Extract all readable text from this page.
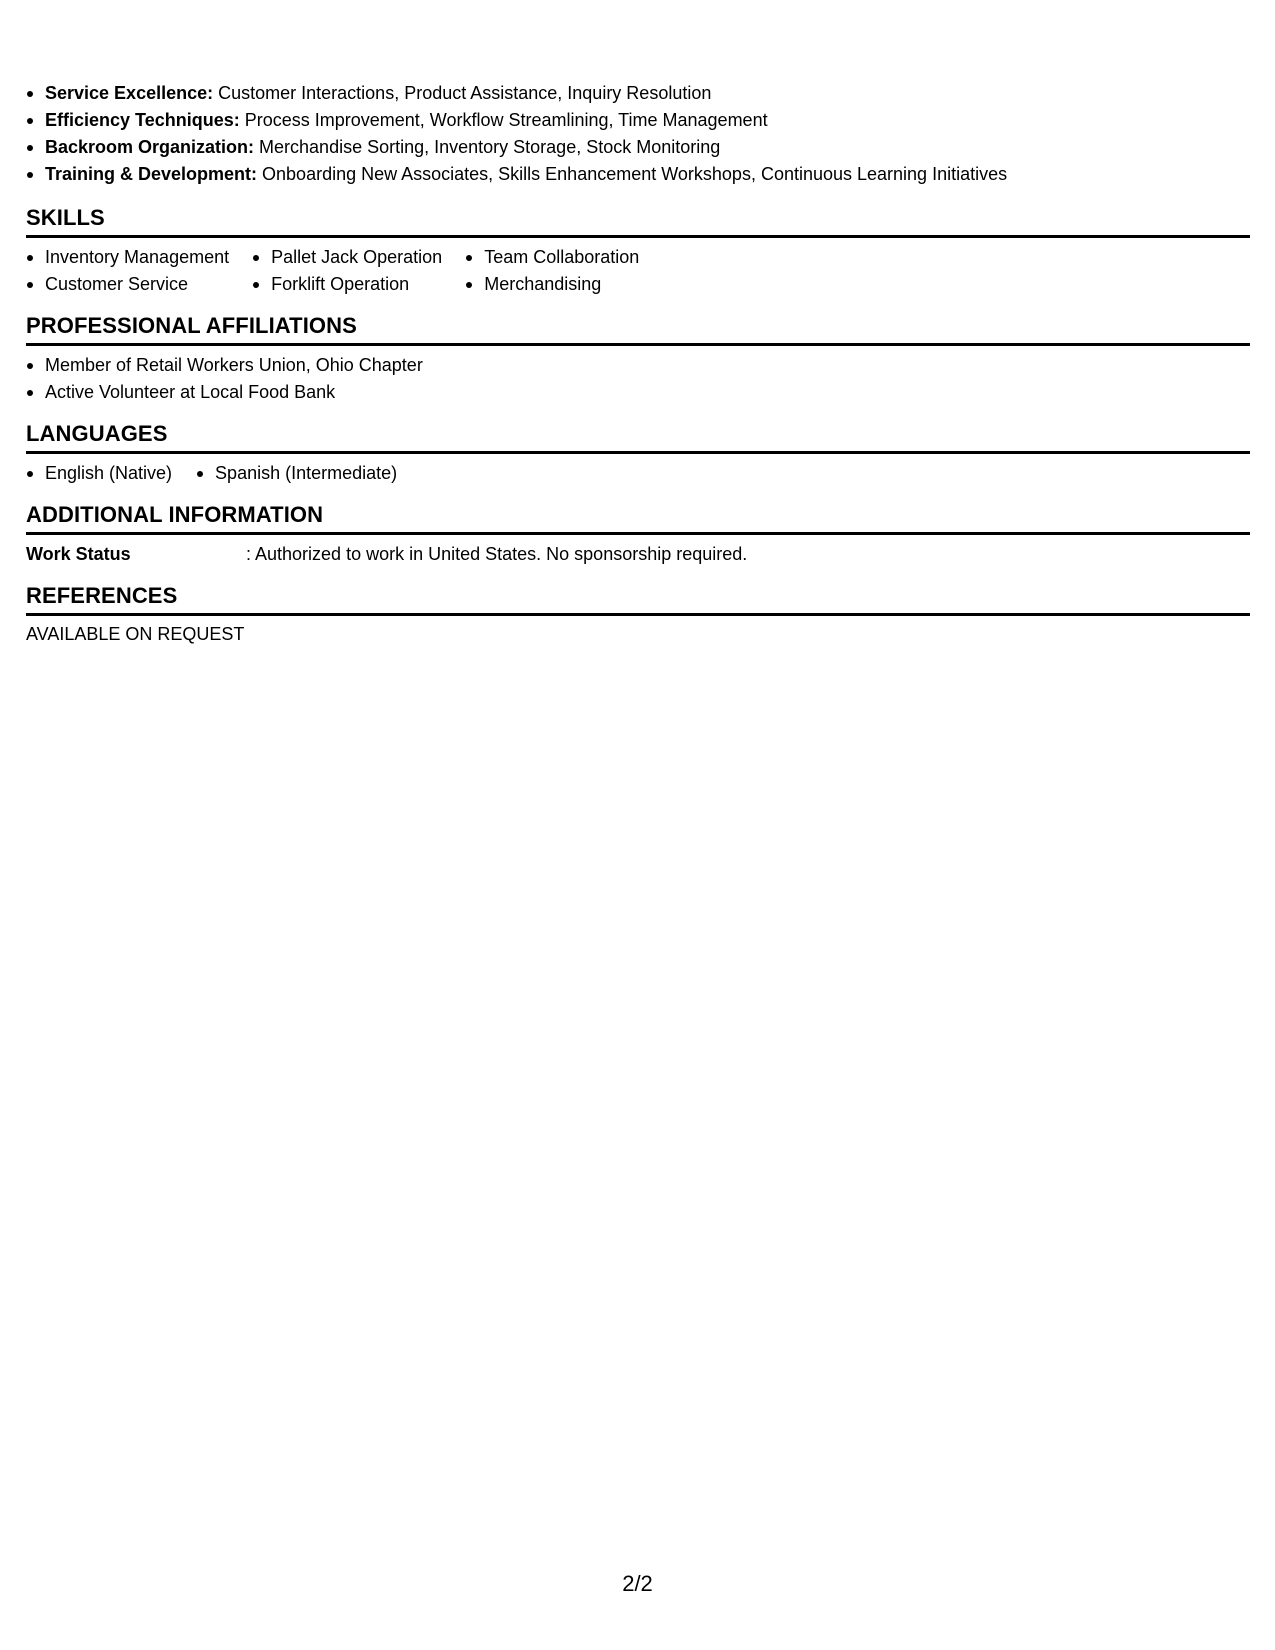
Service Excellence: Customer Interactions, Product Assistance, Inquiry Resolution
Efficiency Techniques: Process Improvement, Workflow Streamlining, Time Management
Backroom Organization: Merchandise Sorting, Inventory Storage, Stock Monitoring
Training & Development: Onboarding New Associates, Skills Enhancement Workshops, Continuous Learning Initiatives
SKILLS
Inventory Management
Customer Service
Pallet Jack Operation
Forklift Operation
Team Collaboration
Merchandising
PROFESSIONAL AFFILIATIONS
Member of Retail Workers Union, Ohio Chapter
Active Volunteer at Local Food Bank
LANGUAGES
English (Native)	Spanish (Intermediate)
ADDITIONAL INFORMATION
Work Status	: Authorized to work in United States. No sponsorship required.
REFERENCES
AVAILABLE ON REQUEST
2/2
